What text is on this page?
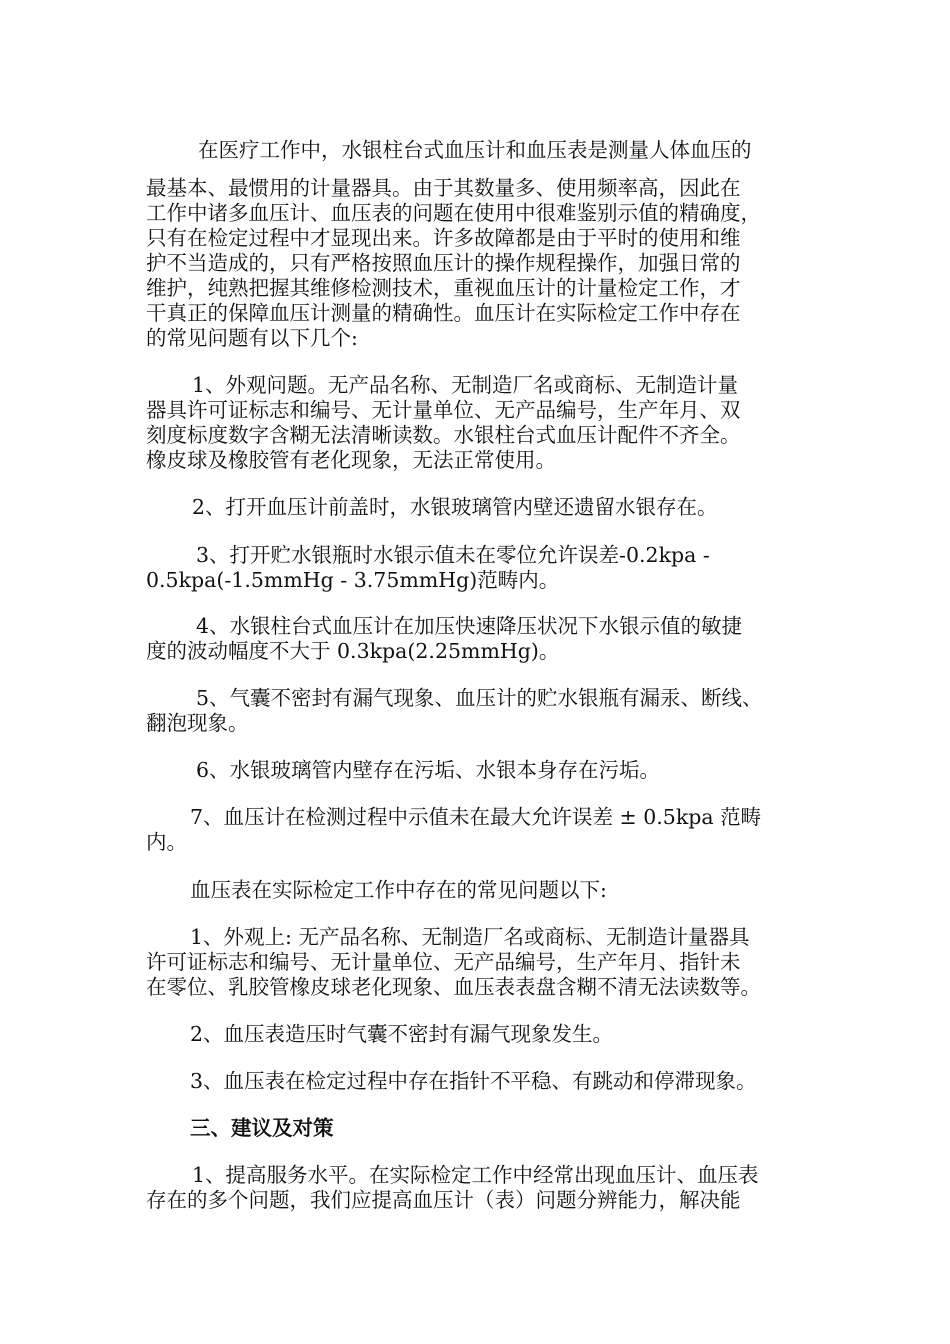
在医疗工作中，水银柱台式血压计和血压表是测量人体血压的
最基本、最惯用的计量器具。由于其数量多、使用频率高，因此在
工作中诸多血压计、血压表的问题在使用中很难鉴别示值的精确度，
只有在检定过程中才显现出来。许多故障都是由于平时的使用和维
护不当造成的，只有严格按照血压计的操作规程操作，加强日常的
维护，纯熟把握其维修检测技术，重视血压计的计量检定工作，才
干真正的保障血压计测量的精确性。血压计在实际检定工作中存在
的常见问题有以下几个:
1、外观问题。无产品名称、无制造厂名或商标、无制造计量
器具许可证标志和编号、无计量单位、无产品编号，生产年月、双
刻度标度数字含糊无法清晰读数。水银柱台式血压计配件不齐全。
橡皮球及橡胶管有老化现象，无法正常使用。
2、打开血压计前盖时，水银玻璃管内壁还遗留水银存在。
3、打开贮水银瓶时水银示值未在零位允许误差-0.2kpa -
0.5kpa(-1.5mmHg - 3.75mmHg)范畴内。
4、水银柱台式血压计在加压快速降压状况下水银示值的敏捷
度的波动幅度不大于 0.3kpa(2.25mmHg)。
5、气囊不密封有漏气现象、血压计的贮水银瓶有漏汞、断线、
翻泡现象。
6、水银玻璃管内壁存在污垢、水银本身存在污垢。
7、血压计在检测过程中示值未在最大允许误差 ± 0.5kpa 范畴
内。
血压表在实际检定工作中存在的常见问题以下:
1、外观上: 无产品名称、无制造厂名或商标、无制造计量器具
许可证标志和编号、无计量单位、无产品编号，生产年月、指针未
在零位、乳胶管橡皮球老化现象、血压表表盘含糊不清无法读数等。
2、血压表造压时气囊不密封有漏气现象发生。
3、血压表在检定过程中存在指针不平稳、有跳动和停滞现象。
三、建议及对策
1、提高服务水平。在实际检定工作中经常出现血压计、血压表
存在的多个问题，我们应提高血压计（表）问题分辨能力，解决能
